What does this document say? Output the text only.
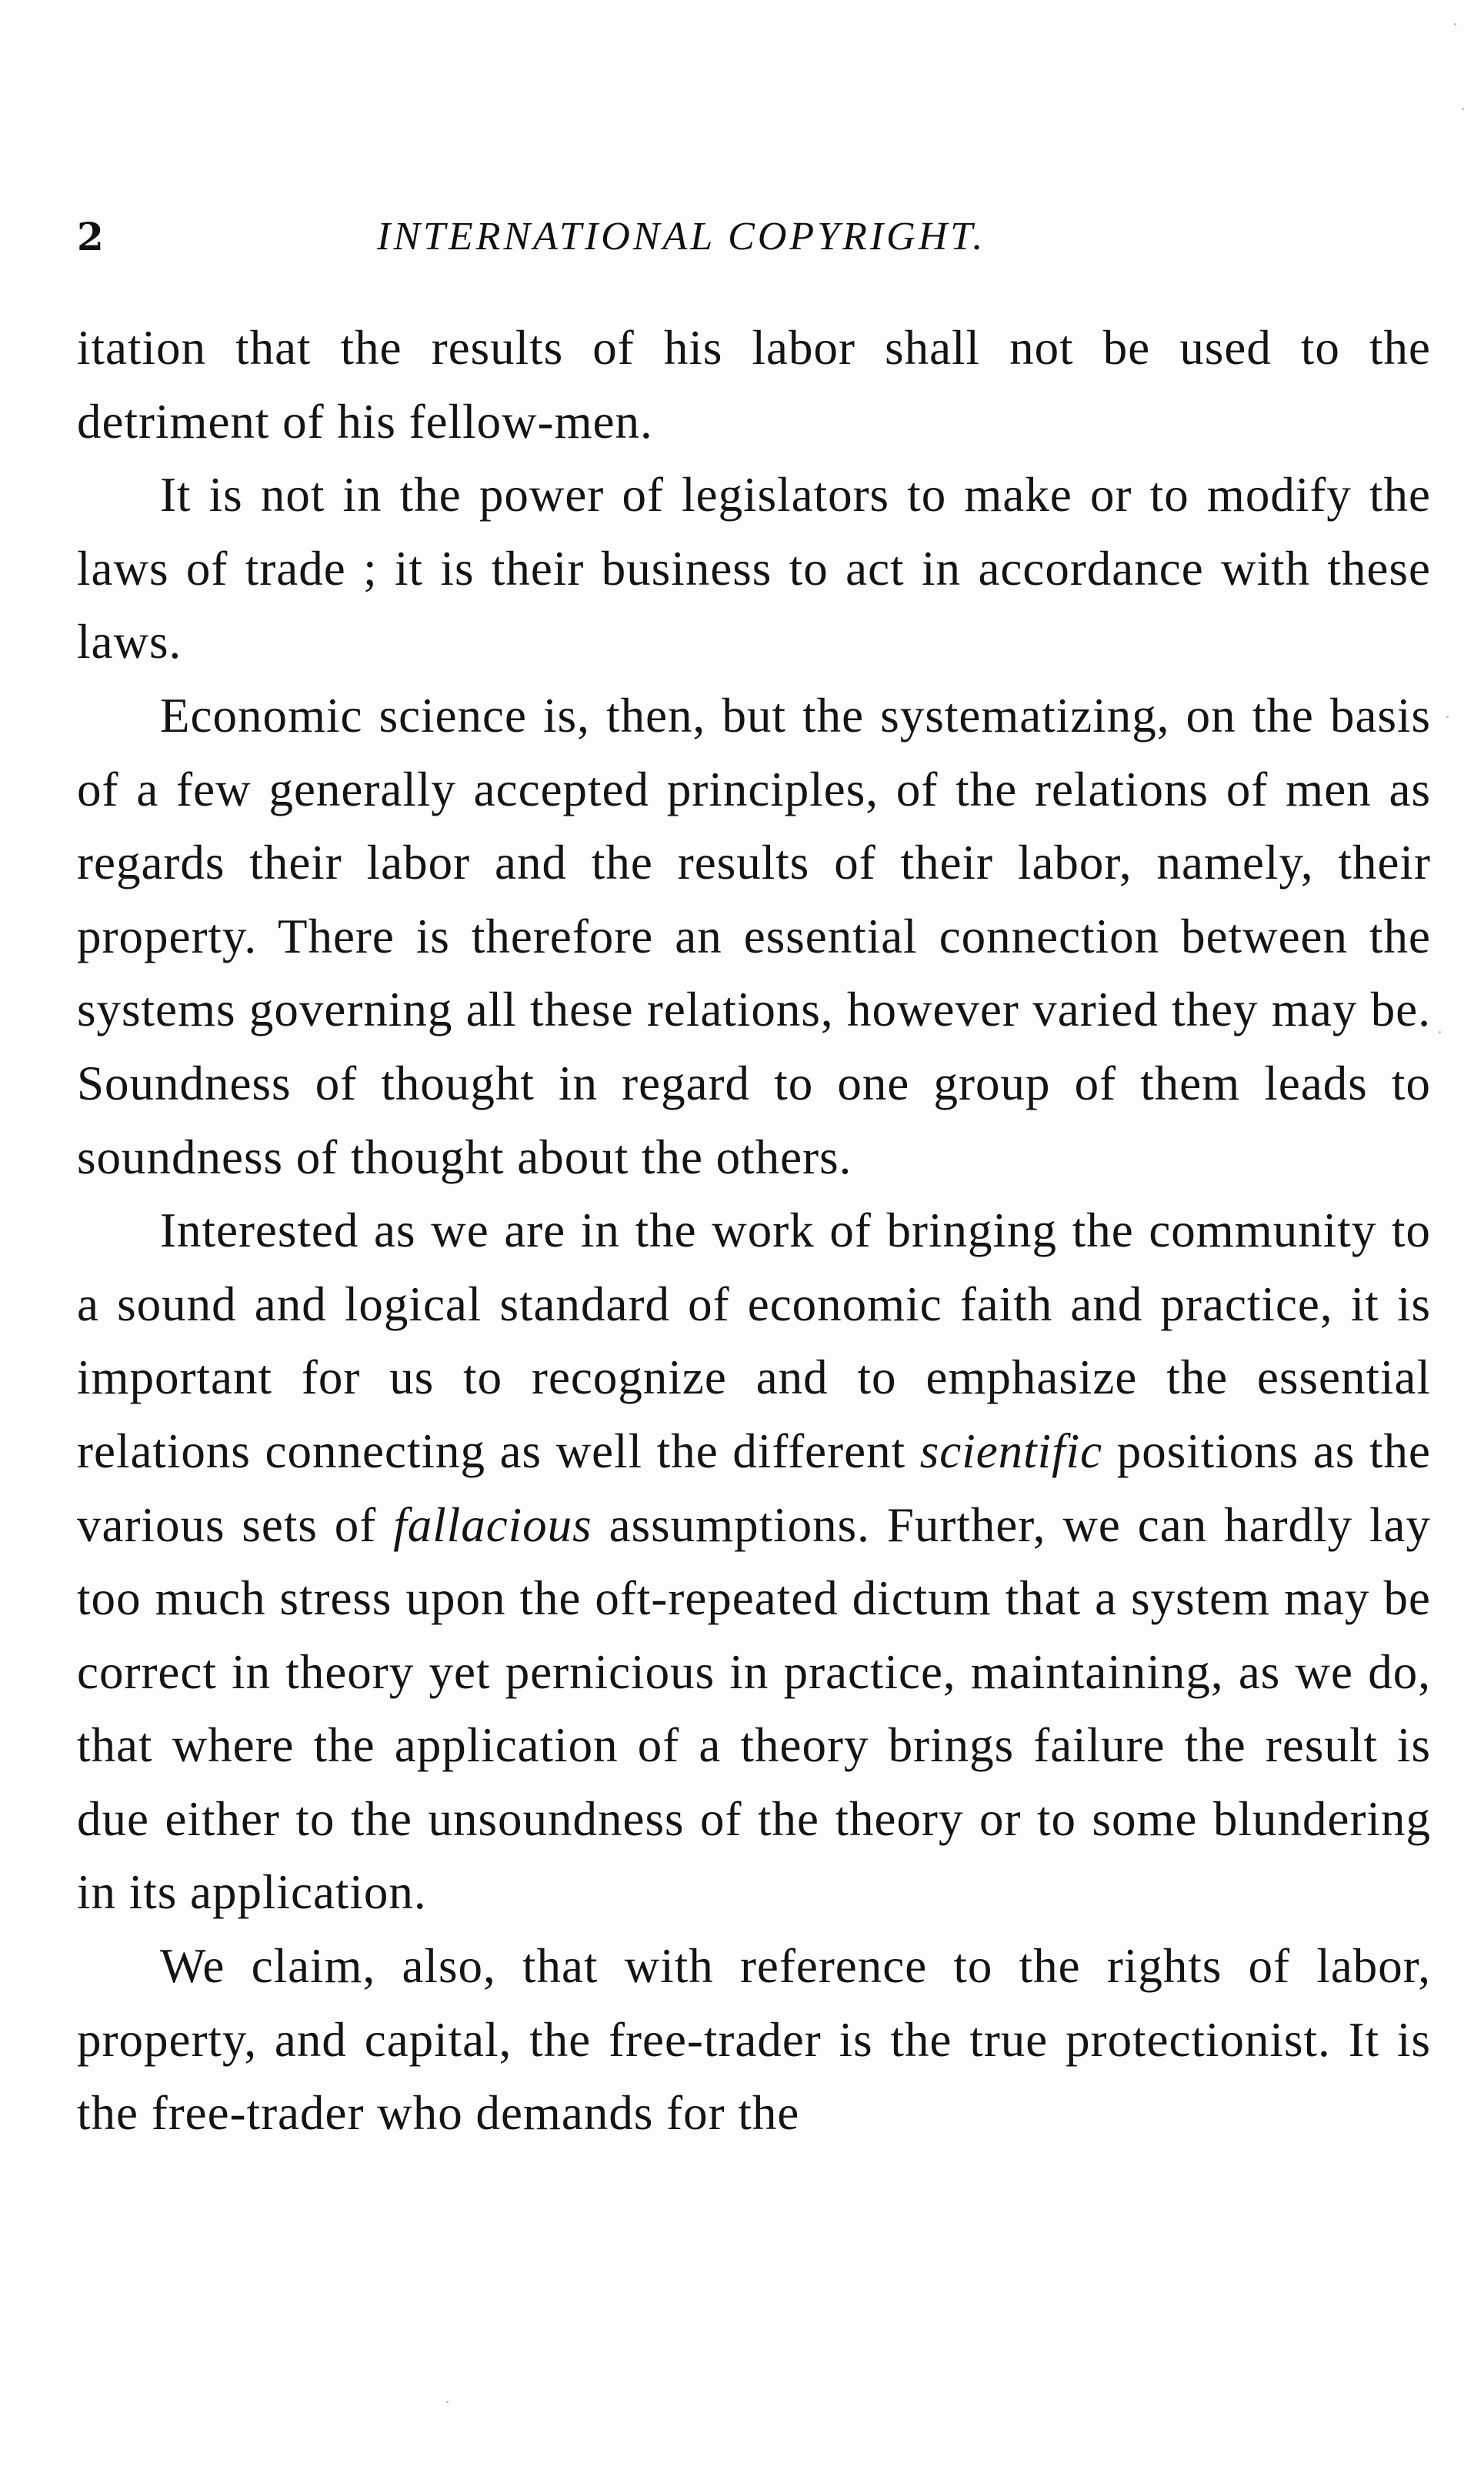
2	INTERNATIONAL COPYRIGHT.

itation that the results of his labor shall not be used to the detriment of his fellow-men.

It is not in the power of legislators to make or to modify the laws of trade ; it is their business to act in accordance with these laws.

Economic science is, then, but the systematizing, on the basis of a few generally accepted principles, of the relations of men as regards their labor and the results of their labor, namely, their property. There is therefore an essential connection between the systems governing all these relations, however varied they may be. Soundness of thought in regard to one group of them leads to soundness of thought about the others.

Interested as we are in the work of bringing the community to a sound and logical standard of economic faith and practice, it is important for us to recognize and to emphasize the essential relations connecting as well the different scientific positions as the various sets of fallacious assumptions. Further, we can hardly lay too much stress upon the oft-repeated dictum that a system may be correct in theory yet pernicious in practice, maintaining, as we do, that where the application of a theory brings failure the result is due either to the unsoundness of the theory or to some blundering in its application.

We claim, also, that with reference to the rights of labor, property, and capital, the free-trader is the true protectionist. It is the free-trader who demands for the
